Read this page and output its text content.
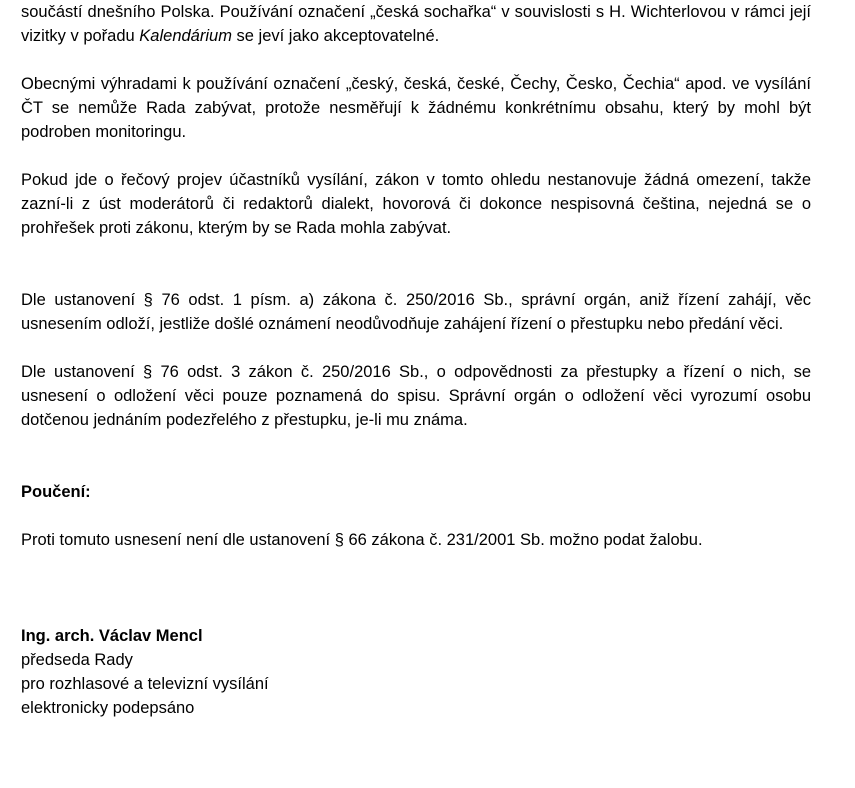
součástí dnešního Polska. Používání označení „česká sochařka“ v souvislosti s H. Wichterlovou v rámci její vizitky v pořadu Kalendárium se jeví jako akceptovatelné.

Obecnými výhradami k používání označení „český, česká, české, Čechy, Česko, Čechia“ apod. ve vysílání ČT se nemůže Rada zabývat, protože nesměřují k žádnému konkrétnímu obsahu, který by mohl být podroben monitoringu.

Pokud jde o řečový projev účastníků vysílání, zákon v tomto ohledu nestanovuje žádná omezení, takže zazní-li z úst moderátorů či redaktorů dialekt, hovorová či dokonce nespisovná čeština, nejedná se o prohřešek proti zákonu, kterým by se Rada mohla zabývat.

Dle ustanovení § 76 odst. 1 písm. a) zákona č. 250/2016 Sb., správní orgán, aniž řízení zahájí, věc usnesením odloží, jestliže došlé oznámení neodůvodňuje zahájení řízení o přestupku nebo předání věci.

Dle ustanovení § 76 odst. 3 zákon č. 250/2016 Sb., o odpovědnosti za přestupky a řízení o nich, se usnesení o odložení věci pouze poznamená do spisu. Správní orgán o odložení věci vyrozumí osobu dotčenou jednáním podezřelého z přestupku, je-li mu známa.

Poučení:

Proti tomuto usnesení není dle ustanovení § 66 zákona č. 231/2001 Sb. možno podat žalobu.

Ing. arch. Václav Mencl
předseda Rady
pro rozhlasové a televizní vysílání
elektronicky podepsáno
